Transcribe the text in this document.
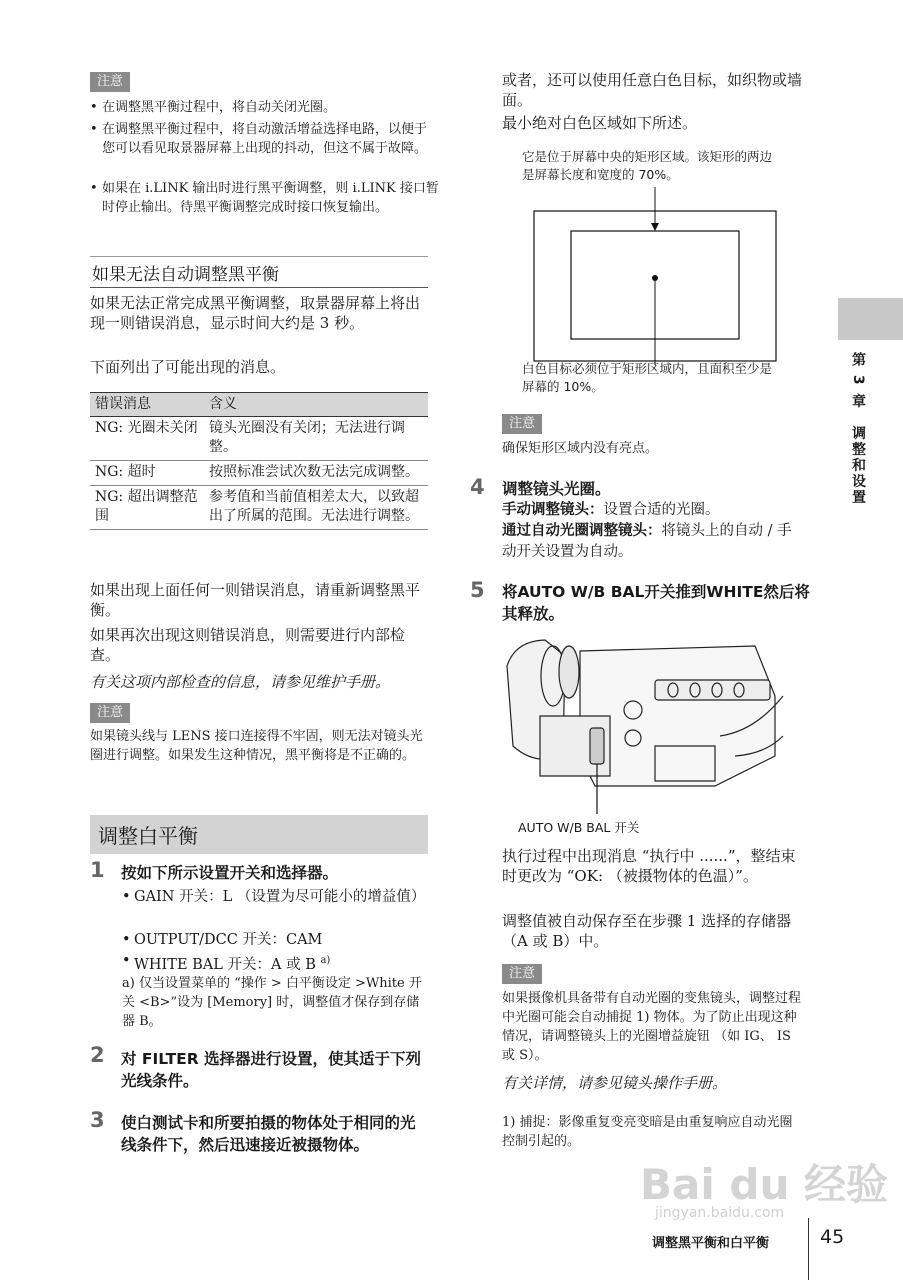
注意
• 在调整黑平衡过程中，将自动关闭光圈。
• 在调整黑平衡过程中，将自动激活增益选择电路，以便于您可以看见取景器屏幕上出现的抖动，但这不属于故障。
• 如果在 i.LINK 输出时进行黑平衡调整，则 i.LINK 接口暂时停止输出。待黑平衡调整完成时接口恢复输出。
如果无法自动调整黑平衡
如果无法正常完成黑平衡调整，取景器屏幕上将出现一则错误消息，显示时间大约是 3 秒。
下面列出了可能出现的消息。
错误消息	含义
NG: 光圈未关闭	镜头光圈没有关闭；无法进行调整。
NG: 超时	按照标准尝试次数无法完成调整。
NG: 超出调整范围	参考值和当前值相差太大，以致超出了所属的范围。无法进行调整。
如果出现上面任何一则错误消息，请重新调整黑平衡。
如果再次出现这则错误消息，则需要进行内部检查。
有关这项内部检查的信息，请参见维护手册。
注意
如果镜头线与 LENS 接口连接得不牢固，则无法对镜头光圈进行调整。如果发生这种情况，黑平衡将是不正确的。
调整白平衡
1 按如下所示设置开关和选择器。
• GAIN 开关：L （设置为尽可能小的增益值）
• OUTPUT/DCC 开关：CAM
• WHITE BAL 开关：A 或 B $^{a)}$
a) 仅当设置菜单的 “操作 > 白平衡设定 >White 开关 <B>”设为 [Memory] 时，调整值才保存到存储器 B。
2 对 FILTER 选择器进行设置，使其适于下列光线条件。
3 使白测试卡和所要拍摄的物体处于相同的光线条件下，然后迅速接近被摄物体。
或者，还可以使用任意白色目标，如织物或墙面。
最小绝对白色区域如下所述。
它是位于屏幕中央的矩形区域。该矩形的两边是屏幕长度和宽度的 70%。
白色目标必须位于矩形区域内，且面积至少是屏幕的 10%。
注意
确保矩形区域内没有亮点。
4 调整镜头光圈。
手动调整镜头：设置合适的光圈。
通过自动光圈调整镜头：将镜头上的自动 / 手动开关设置为自动。
5 将AUTO W/B BAL开关推到WHITE然后将其释放。
AUTO W/B BAL 开关
执行过程中出现消息 “执行中 ......”，整结束时更改为 “OK: （被摄物体的色温）”。
调整值被自动保存至在步骤 1 选择的存储器 （A 或 B）中。
注意
如果摄像机具备带有自动光圈的变焦镜头，调整过程中光圈可能会自动捕捉 1) 物体。为了防止出现这种情况，请调整镜头上的光圈增益旋钮 （如 IG、 IS 或 S）。
有关详情，请参见镜头操作手册。
1) 捕捉：影像重复变亮变暗是由重复响应自动光圈控制引起的。
第 3 章　调整和设置
Bai du 经验
jingyan.baidu.com
调整黑平衡和白平衡	45
